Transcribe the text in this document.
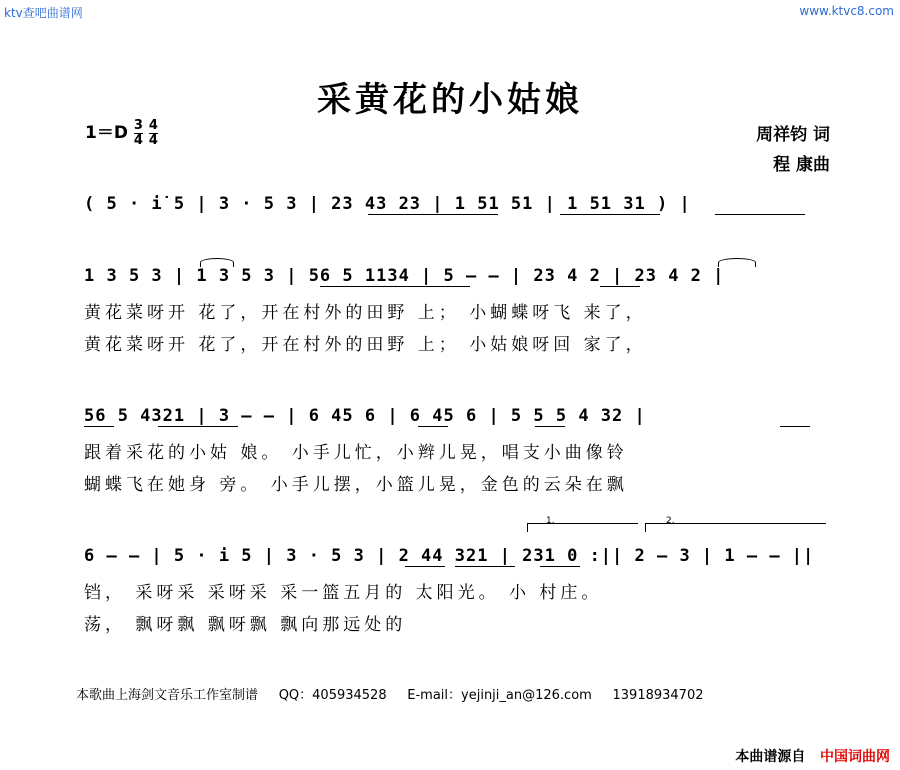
ktv查吧曲谱网	www.ktvc8.com
采黄花的小姑娘
$1=D \frac{3}{4}$
$\frac{4}{4}$	周祥钧 词
程 康曲
( 5 · i̇ 5 | 3 · 5 3 | 23 43 23 | 1 51 51 | 1 51 31 ) |
1 3 5 3 | 1 3 5 3 | 56 5 1134 | 5 – – | 23 4 2 | 23 4 2 |
黄花菜呀开 花了，开在村外的田野 上； 小蝴蝶呀飞 来了，
黄花菜呀开 花了，开在村外的田野 上； 小姑娘呀回 家了，
56 5 4321 | 3 – – | 6 45 6 | 6 45 6 | 5 5 5 4 32 |
跟着采花的小姑 娘。 小手儿忙，小辫儿晃，唱支小曲像铃
蝴蝶飞在她身 旁。 小手儿摆，小篮儿晃，金色的云朵在飘
1.	2.
6 – – | 5 · i 5 | 3 · 5 3 | 2 44 321 | 231 0 :|| 2 – 3 | 1 – – ||
铛， 采呀采 采呀采 采一篮五月的 太阳光。 小 村庄。
荡， 飘呀飘 飘呀飘 飘向那远处的
本歌曲上海剑文音乐工作室制谱 QQ：405934528 E-mail：yejinji_an@126.com 13918934702
本曲谱源自 中国词曲网
